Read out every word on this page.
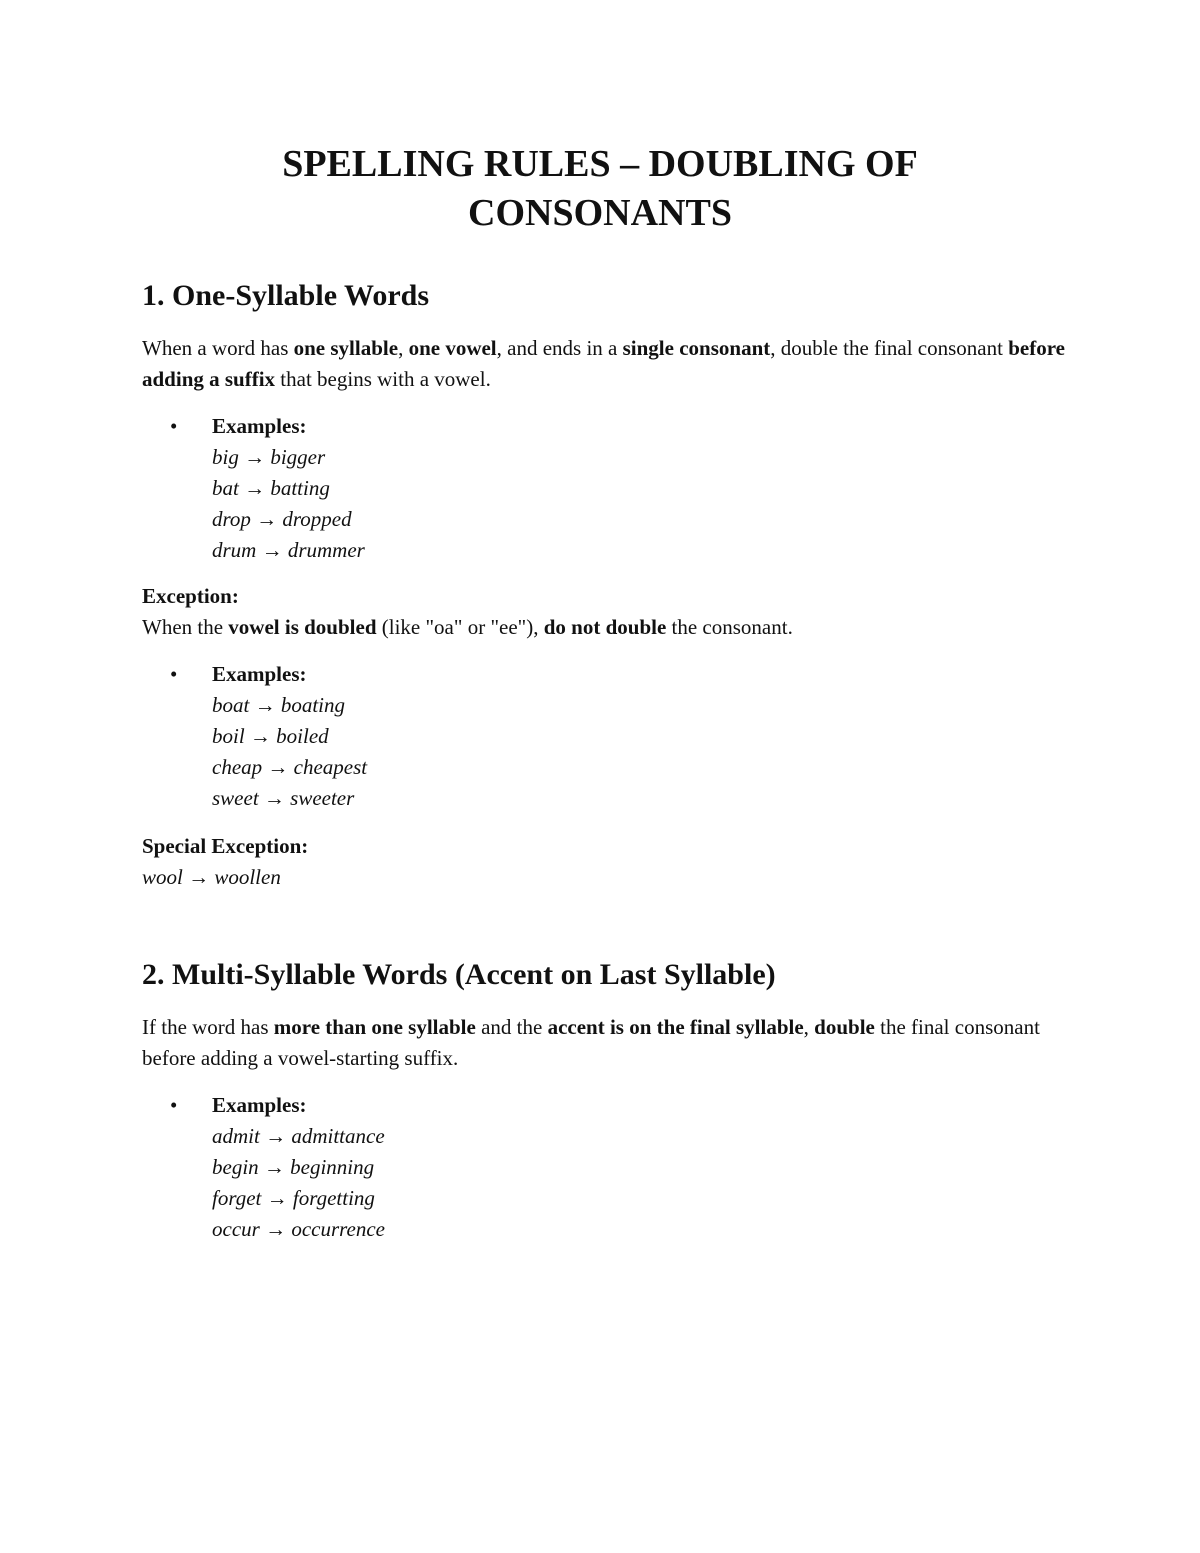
SPELLING RULES – DOUBLING OF
CONSONANTS
1. One-Syllable Words

When a word has one syllable, one vowel, and ends in a single consonant, double the final consonant before adding a suffix that begins with a vowel.

•	Examples:
big → bigger
bat → batting
drop → dropped
drum → drummer

Exception:

When the vowel is doubled (like "oa" or "ee"), do not double the consonant.

•	Examples:
boat → boating
boil → boiled
cheap → cheapest
sweet → sweeter

Special Exception:

wool → woollen

2. Multi-Syllable Words (Accent on Last Syllable)

If the word has more than one syllable and the accent is on the final syllable, double the final consonant before adding a vowel-starting suffix.

•	Examples:
admit → admittance
begin → beginning
forget → forgetting
occur → occurrence
